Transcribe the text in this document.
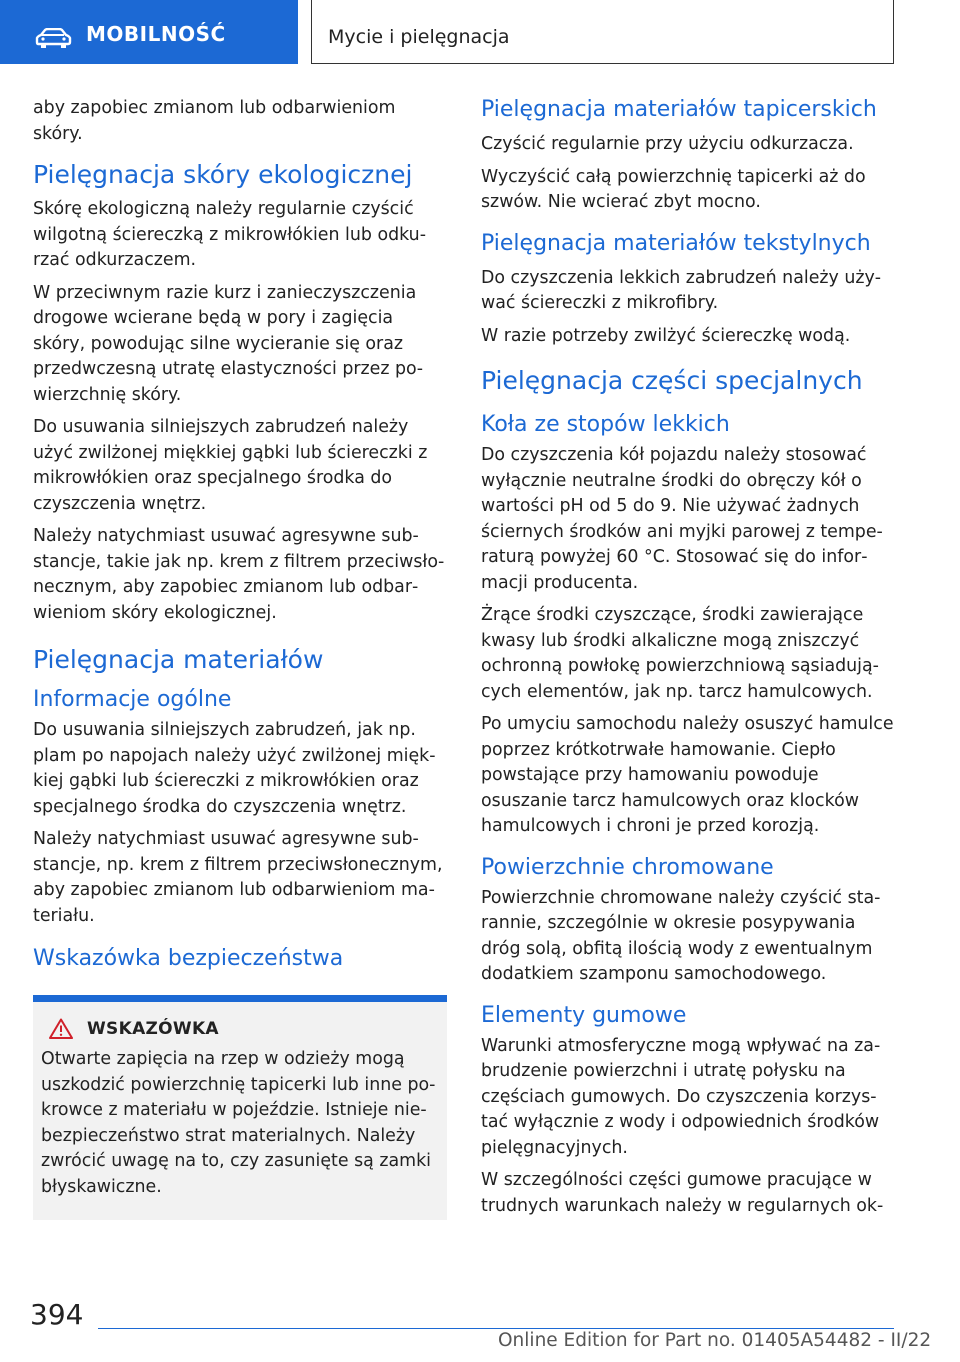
MOBILNOŚĆ	Mycie i pielęgnacja

aby zapobiec zmianom lub odbarwieniom skóry.

Pielęgnacja skóry ekologicznej

Skórę ekologiczną należy regularnie czyścić wilgotną ściereczką z mikrowłókien lub odkurzać odkurzaczem.

W przeciwnym razie kurz i zanieczyszczenia drogowe wcierane będą w pory i zagięcia skóry, powodując silne wycieranie się oraz przedwczesną utratę elastyczności przez powierzchnię skóry.

Do usuwania silniejszych zabrudzeń należy użyć zwilżonej miękkiej gąbki lub ściereczki z mikrowłókien oraz specjalnego środka do czyszczenia wnętrz.

Należy natychmiast usuwać agresywne substancje, takie jak np. krem z filtrem przeciwsłonecznym, aby zapobiec zmianom lub odbarwieniom skóry ekologicznej.

Pielęgnacja materiałów
Informacje ogólne

Do usuwania silniejszych zabrudzeń, jak np. plam po napojach należy użyć zwilżonej miękkiej gąbki lub ściereczki z mikrowłókien oraz specjalnego środka do czyszczenia wnętrz.

Należy natychmiast usuwać agresywne substancje, np. krem z filtrem przeciwsłonecznym, aby zapobiec zmianom lub odbarwieniom materiału.

Wskazówka bezpieczeństwa
WSKAZÓWKA

Otwarte zapięcia na rzep w odzieży mogą uszkodzić powierzchnię tapicerki lub inne pokrowce z materiału w pojeździe. Istnieje niebezpieczeństwo strat materialnych. Należy zwrócić uwagę na to, czy zasunięte są zamki błyskawiczne.

Pielęgnacja materiałów tapicerskich

Czyścić regularnie przy użyciu odkurzacza.

Wyczyścić całą powierzchnię tapicerki aż do szwów. Nie wcierać zbyt mocno.

Pielęgnacja materiałów tekstylnych

Do czyszczenia lekkich zabrudzeń należy używać ściereczki z mikrofibry.

W razie potrzeby zwilżyć ściereczkę wodą.

Pielęgnacja części specjalnych
Koła ze stopów lekkich

Do czyszczenia kół pojazdu należy stosować wyłącznie neutralne środki do obręczy kół o wartości pH od 5 do 9. Nie używać żadnych ściernych środków ani myjki parowej z temperaturą powyżej 60 °C. Stosować się do informacji producenta.

Żrące środki czyszczące, środki zawierające kwasy lub środki alkaliczne mogą zniszczyć ochronną powłokę powierzchniową sąsiadujących elementów, jak np. tarcz hamulcowych.

Po umyciu samochodu należy osuszyć hamulce poprzez krótkotrwałe hamowanie. Ciepło powstające przy hamowaniu powoduje osuszanie tarcz hamulcowych oraz klocków hamulcowych i chroni je przed korozją.

Powierzchnie chromowane

Powierzchnie chromowane należy czyścić starannie, szczególnie w okresie posypywania dróg solą, obfitą ilością wody z ewentualnym dodatkiem szamponu samochodowego.

Elementy gumowe

Warunki atmosferyczne mogą wpływać na zabrudzenie powierzchni i utratę połysku na częściach gumowych. Do czyszczenia korzystać wyłącznie z wody i odpowiednich środków pielęgnacyjnych.

W szczególności części gumowe pracujące w trudnych warunkach należy w regularnych ok-

394
Online Edition for Part no. 01405A54482 - II/22
